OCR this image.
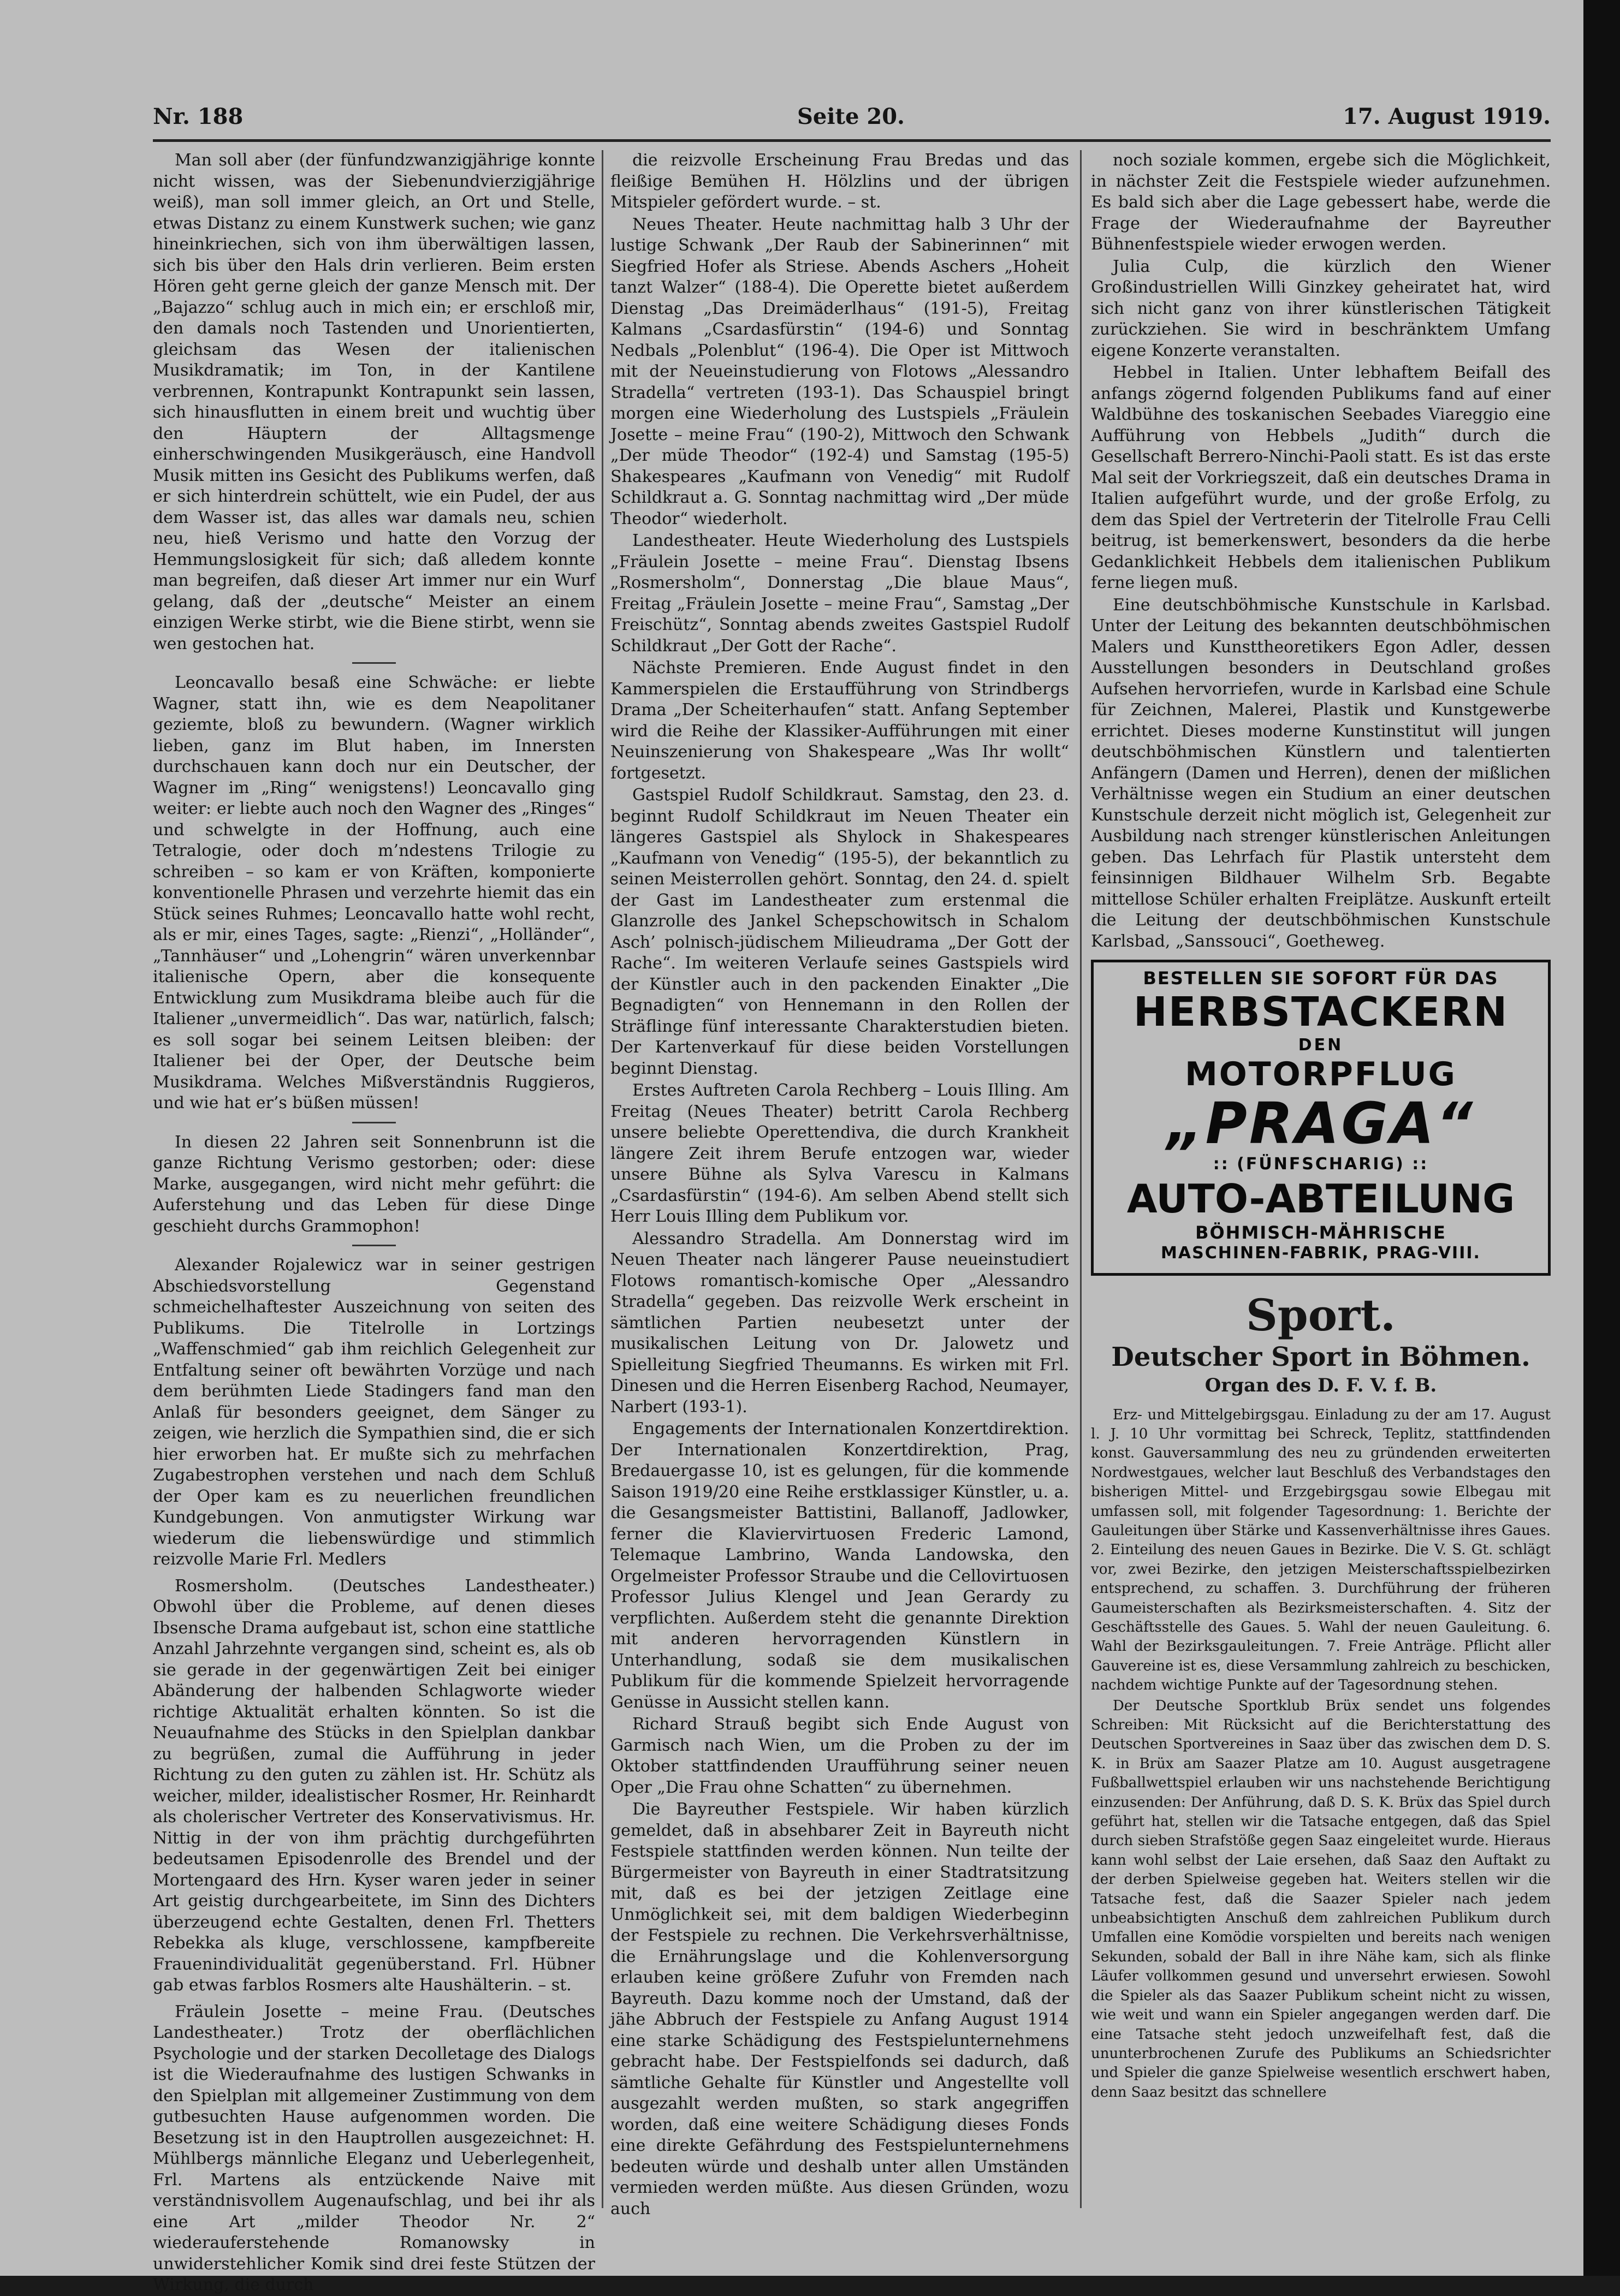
Nr. 188	Seite 20.	17. August 1919.

Man soll aber (der fünfundzwanzigjährige konnte nicht wissen, was der Siebenundvierzigjährige weiß), man soll immer gleich, an Ort und Stelle, etwas Distanz zu einem Kunstwerk suchen; wie ganz hineinkriechen, sich von ihm überwältigen lassen, sich bis über den Hals drin verlieren. Beim ersten Hören geht gerne gleich der ganze Mensch mit. Der „Bajazzo“ schlug auch in mich ein; er erschloß mir, den damals noch Tastenden und Unorientierten, gleichsam das Wesen der italienischen Musikdramatik; im Ton, in der Kantilene verbrennen, Kontrapunkt Kontrapunkt sein lassen, sich hinausflutten in einem breit und wuchtig über den Häuptern der Alltagsmenge einherschwingenden Musikgeräusch, eine Handvoll Musik mitten ins Gesicht des Publikums werfen, daß er sich hinterdrein schüttelt, wie ein Pudel, der aus dem Wasser ist, das alles war damals neu, schien neu, hieß Verismo und hatte den Vorzug der Hemmungslosigkeit für sich; daß alledem konnte man begreifen, daß dieser Art immer nur ein Wurf gelang, daß der „deutsche“ Meister an einem einzigen Werke stirbt, wie die Biene stirbt, wenn sie wen gestochen hat.

Leoncavallo besaß eine Schwäche: er liebte Wagner, statt ihn, wie es dem Neapolitaner geziemte, bloß zu bewundern. (Wagner wirklich lieben, ganz im Blut haben, im Innersten durchschauen kann doch nur ein Deutscher, der Wagner im „Ring“ wenigstens!) Leoncavallo ging weiter: er liebte auch noch den Wagner des „Ringes“ und schwelgte in der Hoffnung, auch eine Tetralogie, oder doch m’ndestens Trilogie zu schreiben – so kam er von Kräften, komponierte konventionelle Phrasen und verzehrte hiemit das ein Stück seines Ruhmes; Leoncavallo hatte wohl recht, als er mir, eines Tages, sagte: „Rienzi“, „Holländer“, „Tannhäuser“ und „Lohengrin“ wären unverkennbar italienische Opern, aber die konsequente Entwicklung zum Musikdrama bleibe auch für die Italiener „unvermeidlich“. Das war, natürlich, falsch; es soll sogar bei seinem Leitsen bleiben: der Italiener bei der Oper, der Deutsche beim Musikdrama. Welches Mißverständnis Ruggieros, und wie hat er’s büßen müssen!

In diesen 22 Jahren seit Sonnenbrunn ist die ganze Richtung Verismo gestorben; oder: diese Marke, ausgegangen, wird nicht mehr geführt: die Auferstehung und das Leben für diese Dinge geschieht durchs Grammophon!

Alexander Rojalewicz war in seiner gestrigen Abschiedsvorstellung Gegenstand schmeichelhaftester Auszeichnung von seiten des Publikums. Die Titelrolle in Lortzings „Waffenschmied“ gab ihm reichlich Gelegenheit zur Entfaltung seiner oft bewährten Vorzüge und nach dem berühmten Liede Stadingers fand man den Anlaß für besonders geeignet, dem Sänger zu zeigen, wie herzlich die Sympathien sind, die er sich hier erworben hat. Er mußte sich zu mehrfachen Zugabestrophen verstehen und nach dem Schluß der Oper kam es zu neuerlichen freundlichen Kundgebungen. Von anmutigster Wirkung war wiederum die liebenswürdige und stimmlich reizvolle Marie Frl. Medlers

Rosmersholm. (Deutsches Landestheater.) Obwohl über die Probleme, auf denen dieses Ibsensche Drama aufgebaut ist, schon eine stattliche Anzahl Jahrzehnte vergangen sind, scheint es, als ob sie gerade in der gegenwärtigen Zeit bei einiger Abänderung der halbenden Schlagworte wieder richtige Aktualität erhalten könnten. So ist die Neuaufnahme des Stücks in den Spielplan dankbar zu begrüßen, zumal die Aufführung in jeder Richtung zu den guten zu zählen ist. Hr. Schütz als weicher, milder, idealistischer Rosmer, Hr. Reinhardt als cholerischer Vertreter des Konservativismus. Hr. Nittig in der von ihm prächtig durchgeführten bedeutsamen Episodenrolle des Brendel und der Mortengaard des Hrn. Kyser waren jeder in seiner Art geistig durchgearbeitete, im Sinn des Dichters überzeugend echte Gestalten, denen Frl. Thetters Rebekka als kluge, verschlossene, kampfbereite Frauenindividualität gegenüberstand. Frl. Hübner gab etwas farblos Rosmers alte Haushälterin. – st.

Fräulein Josette – meine Frau. (Deutsches Landestheater.) Trotz der oberflächlichen Psychologie und der starken Decolletage des Dialogs ist die Wiederaufnahme des lustigen Schwanks in den Spielplan mit allgemeiner Zustimmung von dem gutbesuchten Hause aufgenommen worden. Die Besetzung ist in den Hauptrollen ausgezeichnet: H. Mühlbergs männliche Eleganz und Ueberlegenheit, Frl. Martens als entzückende Naive mit verständnisvollem Augenaufschlag, und bei ihr als eine Art „milder Theodor Nr. 2“ wiederauferstehende Romanowsky in unwiderstehlicher Komik sind drei feste Stützen der Wirkung, die durch

die reizvolle Erscheinung Frau Bredas und das fleißige Bemühen H. Hölzlins und der übrigen Mitspieler gefördert wurde. – st.

Neues Theater. Heute nachmittag halb 3 Uhr der lustige Schwank „Der Raub der Sabinerinnen“ mit Siegfried Hofer als Striese. Abends Aschers „Hoheit tanzt Walzer“ (188-4). Die Operette bietet außerdem Dienstag „Das Dreimäderlhaus“ (191-5), Freitag Kalmans „Csardasfürstin“ (194-6) und Sonntag Nedbals „Polenblut“ (196-4). Die Oper ist Mittwoch mit der Neueinstudierung von Flotows „Alessandro Stradella“ vertreten (193-1). Das Schauspiel bringt morgen eine Wiederholung des Lustspiels „Fräulein Josette – meine Frau“ (190-2), Mittwoch den Schwank „Der müde Theodor“ (192-4) und Samstag (195-5) Shakespeares „Kaufmann von Venedig“ mit Rudolf Schildkraut a. G. Sonntag nachmittag wird „Der müde Theodor“ wiederholt.

Landestheater. Heute Wiederholung des Lustspiels „Fräulein Josette – meine Frau“. Dienstag Ibsens „Rosmersholm“, Donnerstag „Die blaue Maus“, Freitag „Fräulein Josette – meine Frau“, Samstag „Der Freischütz“, Sonntag abends zweites Gastspiel Rudolf Schildkraut „Der Gott der Rache“.

Nächste Premieren. Ende August findet in den Kammerspielen die Erstaufführung von Strindbergs Drama „Der Scheiterhaufen“ statt. Anfang September wird die Reihe der Klassiker-Aufführungen mit einer Neuinszenierung von Shakespeare „Was Ihr wollt“ fortgesetzt.

Gastspiel Rudolf Schildkraut. Samstag, den 23. d. beginnt Rudolf Schildkraut im Neuen Theater ein längeres Gastspiel als Shylock in Shakespeares „Kaufmann von Venedig“ (195-5), der bekanntlich zu seinen Meisterrollen gehört. Sonntag, den 24. d. spielt der Gast im Landestheater zum erstenmal die Glanzrolle des Jankel Schepschowitsch in Schalom Asch’ polnisch-jüdischem Milieudrama „Der Gott der Rache“. Im weiteren Verlaufe seines Gastspiels wird der Künstler auch in den packenden Einakter „Die Begnadigten“ von Hennemann in den Rollen der Sträflinge fünf interessante Charakterstudien bieten. Der Kartenverkauf für diese beiden Vorstellungen beginnt Dienstag.

Erstes Auftreten Carola Rechberg – Louis Illing. Am Freitag (Neues Theater) betritt Carola Rechberg unsere beliebte Operettendiva, die durch Krankheit längere Zeit ihrem Berufe entzogen war, wieder unsere Bühne als Sylva Varescu in Kalmans „Csardasfürstin“ (194-6). Am selben Abend stellt sich Herr Louis Illing dem Publikum vor.

Alessandro Stradella. Am Donnerstag wird im Neuen Theater nach längerer Pause neueinstudiert Flotows romantisch-komische Oper „Alessandro Stradella“ gegeben. Das reizvolle Werk erscheint in sämtlichen Partien neubesetzt unter der musikalischen Leitung von Dr. Jalowetz und Spielleitung Siegfried Theumanns. Es wirken mit Frl. Dinesen und die Herren Eisenberg Rachod, Neumayer, Narbert (193-1).

Engagements der Internationalen Konzertdirektion. Der Internationalen Konzertdirektion, Prag, Bredauergasse 10, ist es gelungen, für die kommende Saison 1919/20 eine Reihe erstklassiger Künstler, u. a. die Gesangsmeister Battistini, Ballanoff, Jadlowker, ferner die Klaviervirtuosen Frederic Lamond, Telemaque Lambrino, Wanda Landowska, den Orgelmeister Professor Straube und die Cellovirtuosen Professor Julius Klengel und Jean Gerardy zu verpflichten. Außerdem steht die genannte Direktion mit anderen hervorragenden Künstlern in Unterhandlung, sodaß sie dem musikalischen Publikum für die kommende Spielzeit hervorragende Genüsse in Aussicht stellen kann.

Richard Strauß begibt sich Ende August von Garmisch nach Wien, um die Proben zu der im Oktober stattfindenden Uraufführung seiner neuen Oper „Die Frau ohne Schatten“ zu übernehmen.

Die Bayreuther Festspiele. Wir haben kürzlich gemeldet, daß in absehbarer Zeit in Bayreuth nicht Festspiele stattfinden werden können. Nun teilte der Bürgermeister von Bayreuth in einer Stadtratsitzung mit, daß es bei der jetzigen Zeitlage eine Unmöglichkeit sei, mit dem baldigen Wiederbeginn der Festspiele zu rechnen. Die Verkehrsverhältnisse, die Ernährungslage und die Kohlenversorgung erlauben keine größere Zufuhr von Fremden nach Bayreuth. Dazu komme noch der Umstand, daß der jähe Abbruch der Festspiele zu Anfang August 1914 eine starke Schädigung des Festspielunternehmens gebracht habe. Der Festspielfonds sei dadurch, daß sämtliche Gehalte für Künstler und Angestellte voll ausgezahlt werden mußten, so stark angegriffen worden, daß eine weitere Schädigung dieses Fonds eine direkte Gefährdung des Festspielunternehmens bedeuten würde und deshalb unter allen Umständen vermieden werden müßte. Aus diesen Gründen, wozu auch

noch soziale kommen, ergebe sich die Möglichkeit, in nächster Zeit die Festspiele wieder aufzunehmen. Es bald sich aber die Lage gebessert habe, werde die Frage der Wiederaufnahme der Bayreuther Bühnenfestspiele wieder erwogen werden.

Julia Culp, die kürzlich den Wiener Großindustriellen Willi Ginzkey geheiratet hat, wird sich nicht ganz von ihrer künstlerischen Tätigkeit zurückziehen. Sie wird in beschränktem Umfang eigene Konzerte veranstalten.

Hebbel in Italien. Unter lebhaftem Beifall des anfangs zögernd folgenden Publikums fand auf einer Waldbühne des toskanischen Seebades Viareggio eine Aufführung von Hebbels „Judith“ durch die Gesellschaft Berrero-Ninchi-Paoli statt. Es ist das erste Mal seit der Vorkriegszeit, daß ein deutsches Drama in Italien aufgeführt wurde, und der große Erfolg, zu dem das Spiel der Vertreterin der Titelrolle Frau Celli beitrug, ist bemerkenswert, besonders da die herbe Gedanklichkeit Hebbels dem italienischen Publikum ferne liegen muß.

Eine deutschböhmische Kunstschule in Karlsbad. Unter der Leitung des bekannten deutschböhmischen Malers und Kunsttheoretikers Egon Adler, dessen Ausstellungen besonders in Deutschland großes Aufsehen hervorriefen, wurde in Karlsbad eine Schule für Zeichnen, Malerei, Plastik und Kunstgewerbe errichtet. Dieses moderne Kunstinstitut will jungen deutschböhmischen Künstlern und talentierten Anfängern (Damen und Herren), denen der mißlichen Verhältnisse wegen ein Studium an einer deutschen Kunstschule derzeit nicht möglich ist, Gelegenheit zur Ausbildung nach strenger künstlerischen Anleitungen geben. Das Lehrfach für Plastik untersteht dem feinsinnigen Bildhauer Wilhelm Srb. Begabte mittellose Schüler erhalten Freiplätze. Auskunft erteilt die Leitung der deutschböhmischen Kunstschule Karlsbad, „Sanssouci“, Goetheweg.

BESTELLEN SIE SOFORT FÜR DAS
HERBSTACKERN
DEN
MOTORPFLUG
„PRAGA“
:: (FÜNFSCHARIG) ::
AUTO-ABTEILUNG
BÖHMISCH-MÄHRISCHE
MASCHINEN-FABRIK, PRAG-VIII.
Sport.
Deutscher Sport in Böhmen.
Organ des D. F. V. f. B.

Erz- und Mittelgebirgsgau. Einladung zu der am 17. August l. J. 10 Uhr vormittag bei Schreck, Teplitz, stattfindenden konst. Gauversammlung des neu zu gründenden erweiterten Nordwestgaues, welcher laut Beschluß des Verbandstages den bisherigen Mittel- und Erzgebirgsgau sowie Elbegau mit umfassen soll, mit folgender Tagesordnung: 1. Berichte der Gauleitungen über Stärke und Kassenverhältnisse ihres Gaues. 2. Einteilung des neuen Gaues in Bezirke. Die V. S. Gt. schlägt vor, zwei Bezirke, den jetzigen Meisterschaftsspielbezirken entsprechend, zu schaffen. 3. Durchführung der früheren Gaumeisterschaften als Bezirksmeisterschaften. 4. Sitz der Geschäftsstelle des Gaues. 5. Wahl der neuen Gauleitung. 6. Wahl der Bezirksgauleitungen. 7. Freie Anträge. Pflicht aller Gauvereine ist es, diese Versammlung zahlreich zu beschicken, nachdem wichtige Punkte auf der Tagesordnung stehen.

Der Deutsche Sportklub Brüx sendet uns folgendes Schreiben: Mit Rücksicht auf die Berichterstattung des Deutschen Sportvereines in Saaz über das zwischen dem D. S. K. in Brüx am Saazer Platze am 10. August ausgetragene Fußballwettspiel erlauben wir uns nachstehende Berichtigung einzusenden: Der Anführung, daß D. S. K. Brüx das Spiel durch geführt hat, stellen wir die Tatsache entgegen, daß das Spiel durch sieben Strafstöße gegen Saaz eingeleitet wurde. Hieraus kann wohl selbst der Laie ersehen, daß Saaz den Auftakt zu der derben Spielweise gegeben hat. Weiters stellen wir die Tatsache fest, daß die Saazer Spieler nach jedem unbeabsichtigten Anschuß dem zahlreichen Publikum durch Umfallen eine Komödie vorspielten und bereits nach wenigen Sekunden, sobald der Ball in ihre Nähe kam, sich als flinke Läufer vollkommen gesund und unversehrt erwiesen. Sowohl die Spieler als das Saazer Publikum scheint nicht zu wissen, wie weit und wann ein Spieler angegangen werden darf. Die eine Tatsache steht jedoch unzweifelhaft fest, daß die ununterbrochenen Zurufe des Publikums an Schiedsrichter und Spieler die ganze Spielweise wesentlich erschwert haben, denn Saaz besitzt das schnellere
